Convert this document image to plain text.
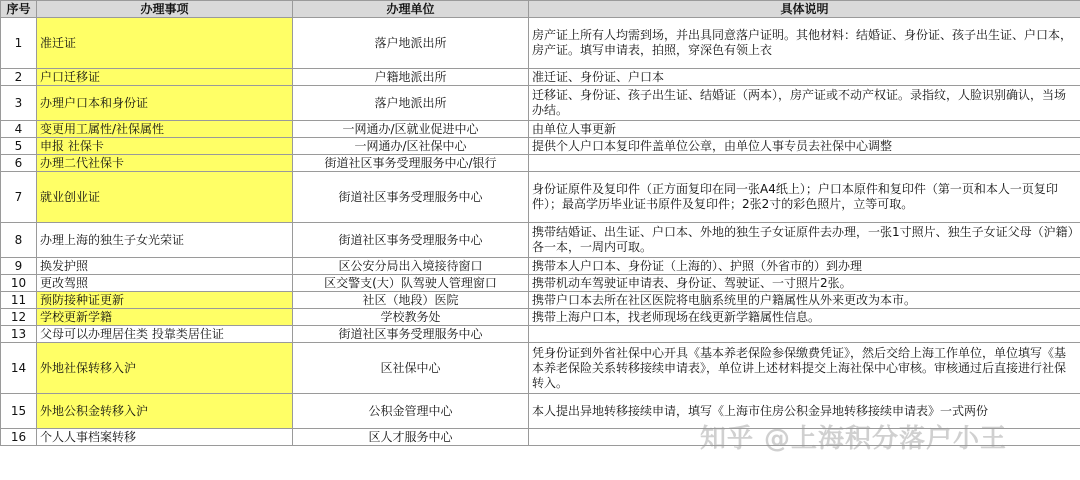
序号	办理事项	办理单位	具体说明
1	准迁证	落户地派出所	房产证上所有人均需到场，并出具同意落户证明。其他材料：结婚证、身份证、孩子出生证、户口本，房产证。填写申请表，拍照，穿深色有领上衣
2	户口迁移证	户籍地派出所	准迁证、身份证、户口本
3	办理户口本和身份证	落户地派出所	迁移证、身份证、孩子出生证、结婚证（两本），房产证或不动产权证。录指纹，人脸识别确认，当场办结。
4	变更用工属性/社保属性	一网通办/区就业促进中心	由单位人事更新
5	申报 社保卡	一网通办/区社保中心	提供个人户口本复印件盖单位公章，由单位人事专员去社保中心调整
6	办理二代社保卡	街道社区事务受理服务中心/银行	
7	就业创业证	街道社区事务受理服务中心	身份证原件及复印件（正方面复印在同一张A4纸上）；户口本原件和复印件（第一页和本人一页复印件）；最高学历毕业证书原件及复印件；2张2寸的彩色照片，立等可取。
8	办理上海的独生子女光荣证	街道社区事务受理服务中心	携带结婚证、出生证、户口本、外地的独生子女证原件去办理，一张1寸照片、独生子女证父母（沪籍）各一本，一周内可取。
9	换发护照	区公安分局出入境接待窗口	携带本人户口本、身份证（上海的）、护照（外省市的）到办理
10	更改驾照	区交警支(大）队驾驶人管理窗口	携带机动车驾驶证申请表、身份证、驾驶证、一寸照片2张。
11	预防接种证更新	社区（地段）医院	携带户口本去所在社区医院将电脑系统里的户籍属性从外来更改为本市。
12	学校更新学籍	学校教务处	携带上海户口本，找老师现场在线更新学籍属性信息。
13	父母可以办理居住类 投靠类居住证	街道社区事务受理服务中心	
14	外地社保转移入沪	区社保中心	凭身份证到外省社保中心开具《基本养老保险参保缴费凭证》，然后交给上海工作单位，单位填写《基本养老保险关系转移接续申请表》，单位讲上述材料提交上海社保中心审核。审核通过后直接进行社保转入。
15	外地公积金转移入沪	公积金管理中心	本人提出异地转移接续申请，填写《上海市住房公积金异地转移接续申请表》一式两份
16	个人人事档案转移	区人才服务中心		知乎 @上海积分落户小王
